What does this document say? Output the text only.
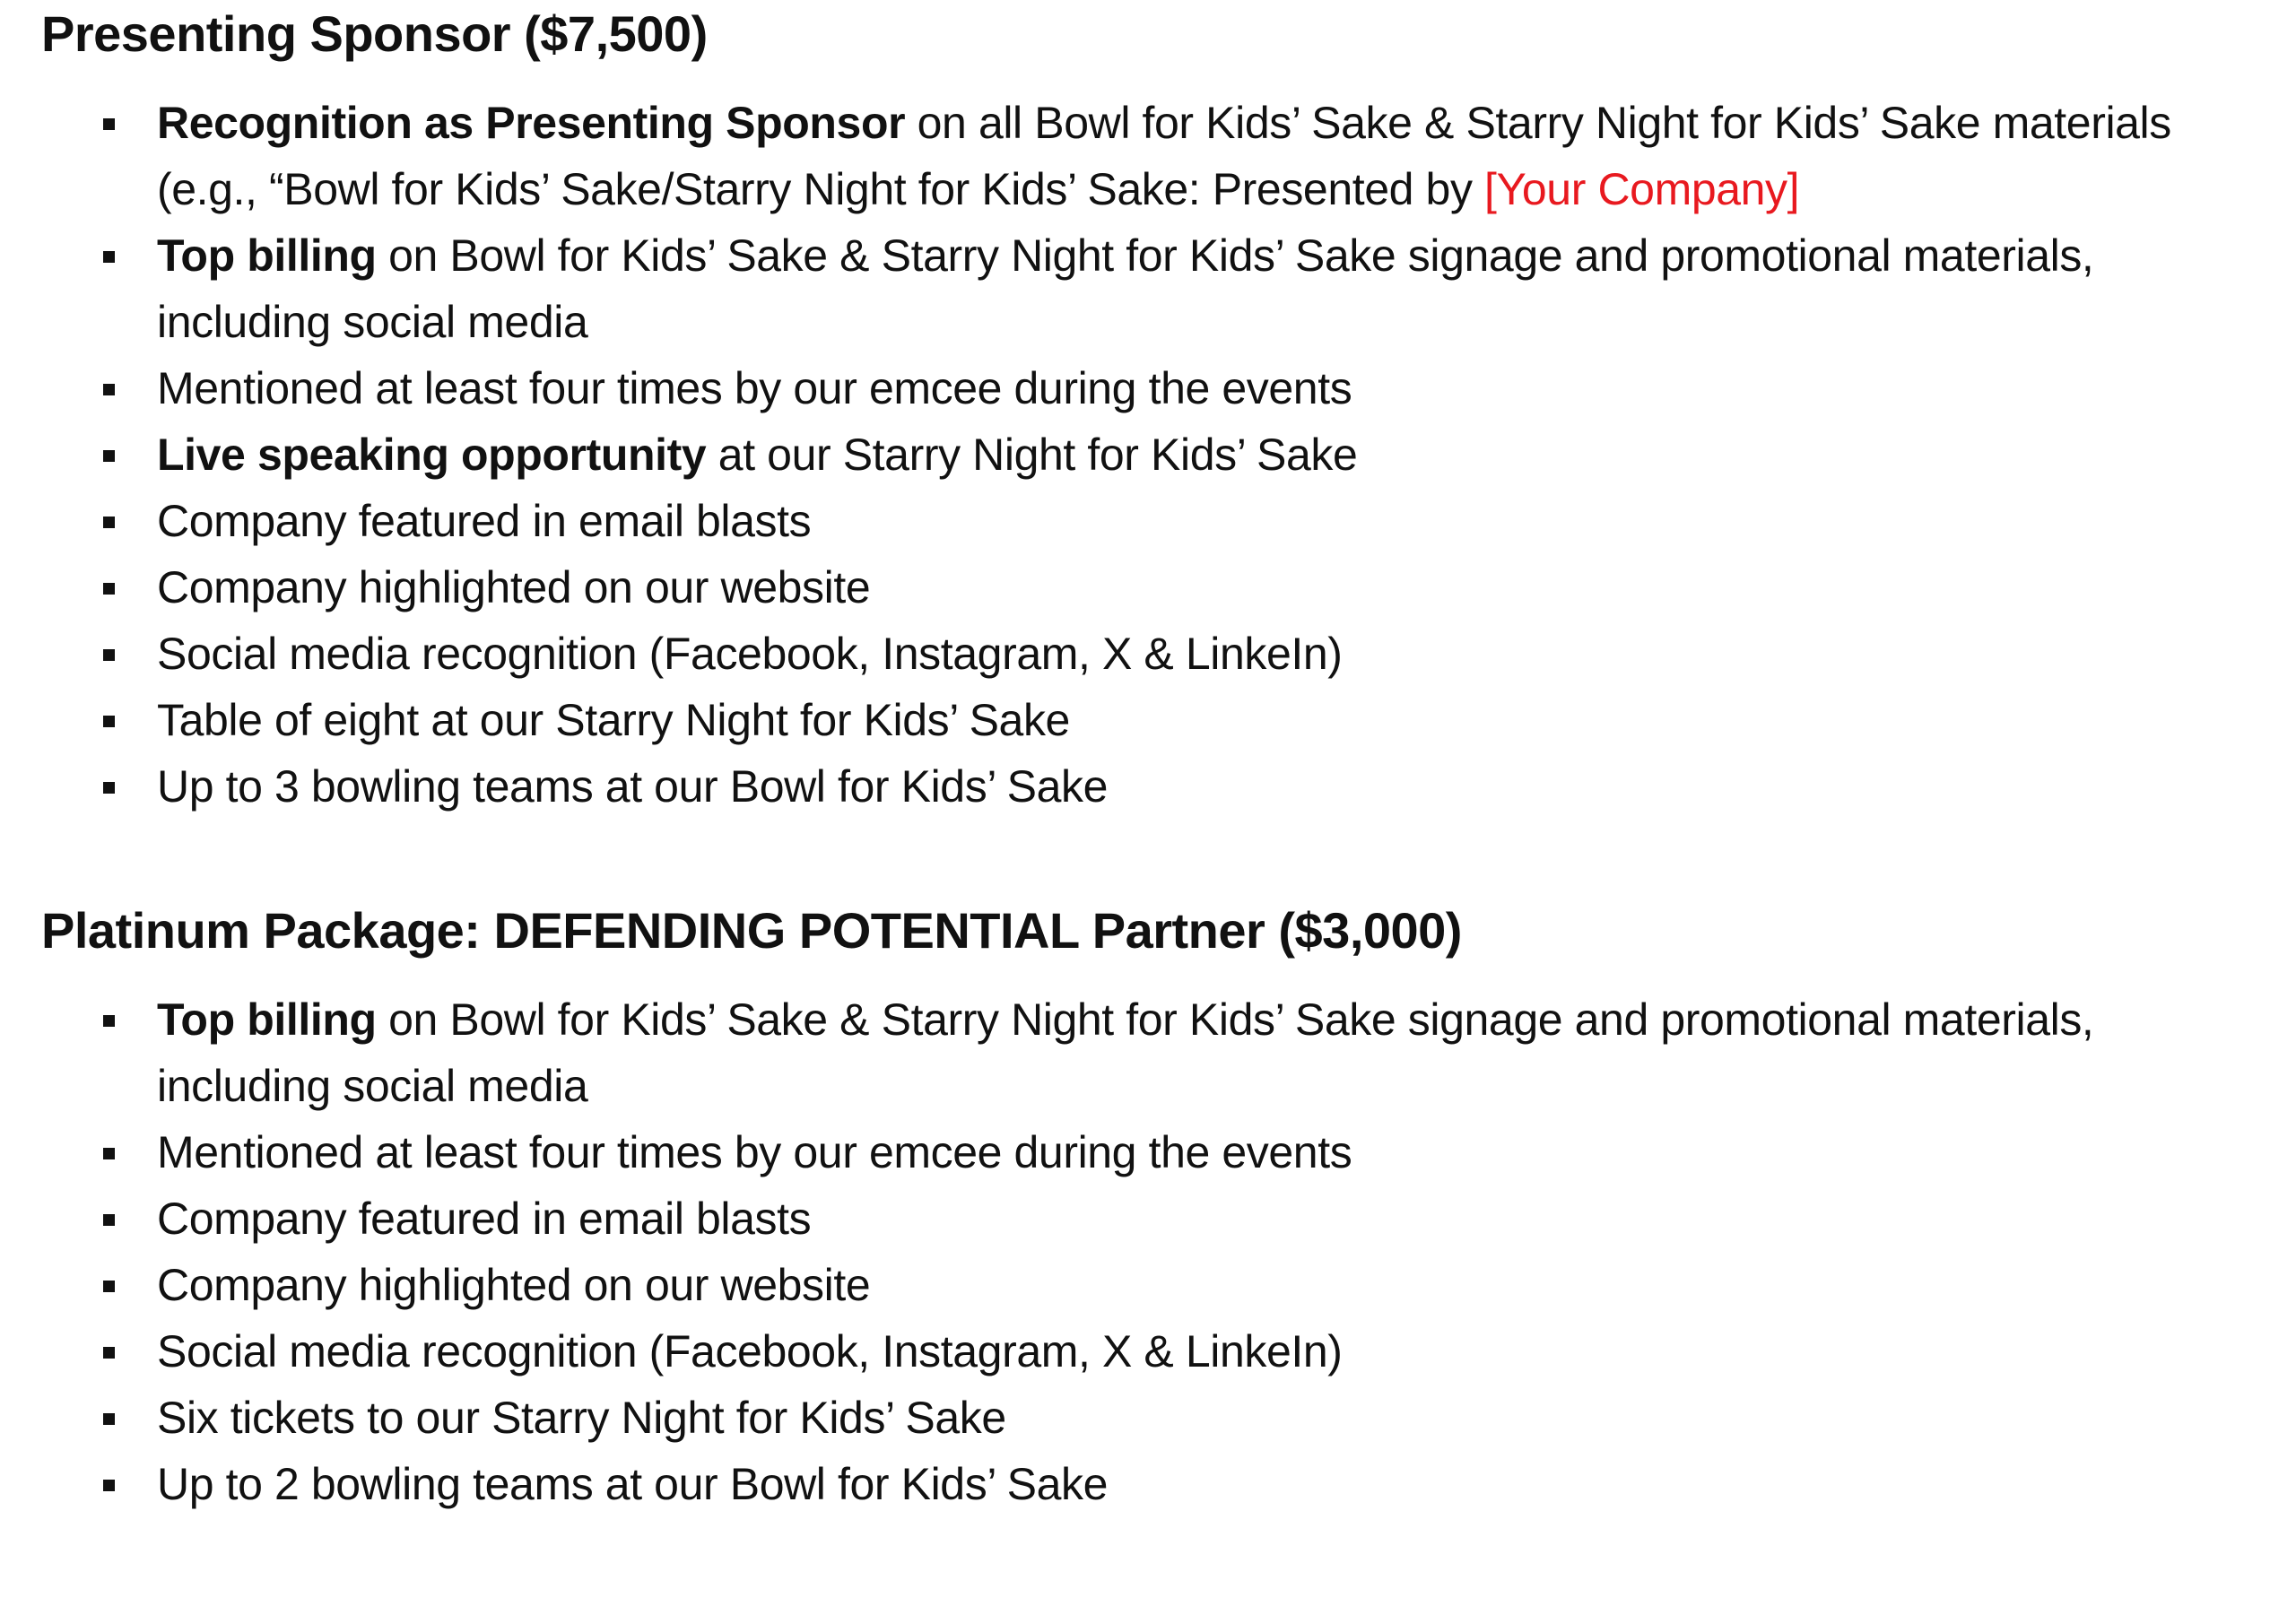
Presenting Sponsor ($7,500)
Recognition as Presenting Sponsor on all Bowl for Kids’ Sake & Starry Night for Kids’ Sake materials (e.g., “Bowl for Kids’ Sake/Starry Night for Kids’ Sake: Presented by [Your Company]
Top billing on Bowl for Kids’ Sake & Starry Night for Kids’ Sake signage and promotional materials, including social media
Mentioned at least four times by our emcee during the events
Live speaking opportunity at our Starry Night for Kids’ Sake
Company featured in email blasts
Company highlighted on our website
Social media recognition (Facebook, Instagram, X & LinkeIn)
Table of eight at our Starry Night for Kids’ Sake
Up to 3 bowling teams at our Bowl for Kids’ Sake
Platinum Package: DEFENDING POTENTIAL Partner ($3,000)
Top billing on Bowl for Kids’ Sake & Starry Night for Kids’ Sake signage and promotional materials, including social media
Mentioned at least four times by our emcee during the events
Company featured in email blasts
Company highlighted on our website
Social media recognition (Facebook, Instagram, X & LinkeIn)
Six tickets to our Starry Night for Kids’ Sake
Up to 2 bowling teams at our Bowl for Kids’ Sake
